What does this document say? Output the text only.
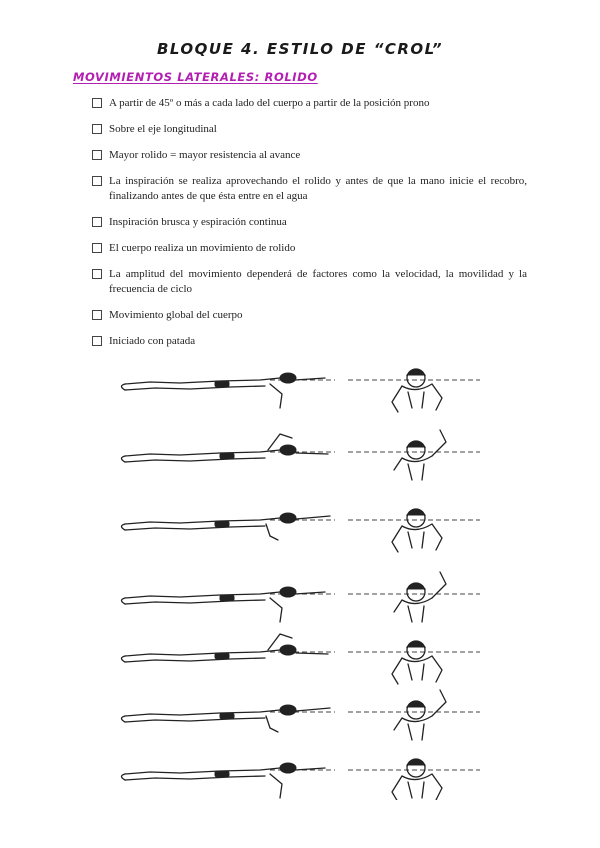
BLOQUE 4. ESTILO DE “CROL”
MOVIMIENTOS LATERALES: ROLIDO
A partir de 45º o más a cada lado del cuerpo a partir de la posición prono
Sobre el eje longitudinal
Mayor rolido = mayor resistencia al avance
La inspiración se realiza aprovechando el rolido y antes de que la mano inicie el recobro, finalizando antes de que ésta entre en el agua
Inspiración brusca y espiración continua
El cuerpo realiza un movimiento de rolido
La amplitud del movimiento dependerá de factores como la velocidad, la movilidad y la frecuencia de ciclo
Movimiento global del cuerpo
Iniciado con patada
